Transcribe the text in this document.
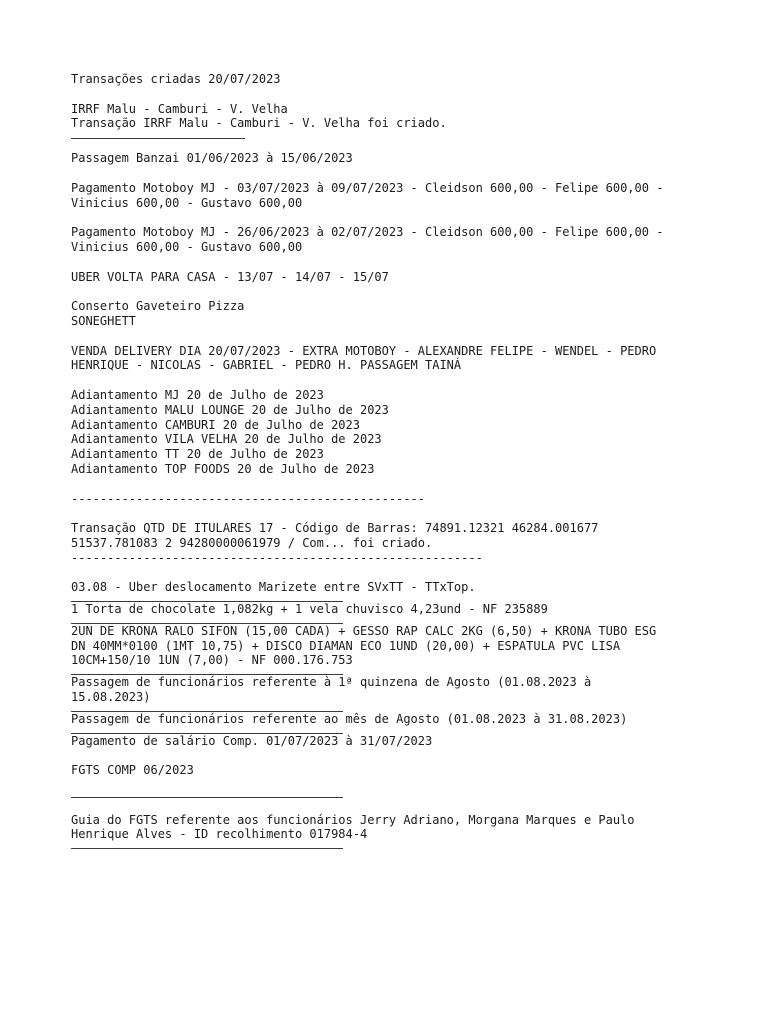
Transações criadas 20/07/2023
IRRF Malu - Camburi - V. Velha
Transação IRRF Malu - Camburi - V. Velha foi criado.
Passagem Banzai 01/06/2023 à 15/06/2023
Pagamento Motoboy MJ - 03/07/2023 à 09/07/2023 - Cleidson 600,00 - Felipe 600,00 -
Vinicius 600,00 - Gustavo 600,00
Pagamento Motoboy MJ - 26/06/2023 à 02/07/2023 - Cleidson 600,00 - Felipe 600,00 -
Vinicius 600,00 - Gustavo 600,00
UBER VOLTA PARA CASA - 13/07 - 14/07 - 15/07
Conserto Gaveteiro Pizza
SONEGHETT
VENDA DELIVERY DIA 20/07/2023 - EXTRA MOTOBOY - ALEXANDRE FELIPE - WENDEL - PEDRO
HENRIQUE - NICOLAS - GABRIEL - PEDRO H. PASSAGEM TAINÁ
Adiantamento MJ 20 de Julho de 2023
Adiantamento MALU LOUNGE 20 de Julho de 2023
Adiantamento CAMBURI 20 de Julho de 2023
Adiantamento VILA VELHA 20 de Julho de 2023
Adiantamento TT 20 de Julho de 2023
Adiantamento TOP FOODS 20 de Julho de 2023
-------------------------------------------------
Transação QTD DE ITULARES 17 - Código de Barras: 74891.12321 46284.001677
51537.781083 2 94280000061979 / Com... foi criado.
---------------------------------------------------------
03.08 - Uber deslocamento Marizete entre SVxTT - TTxTop.
1 Torta de chocolate 1,082kg + 1 vela chuvisco 4,23und - NF 235889
2UN DE KRONA RALO SIFON (15,00 CADA) + GESSO RAP CALC 2KG (6,50) + KRONA TUBO ESG
DN 40MM*0100 (1MT 10,75) + DISCO DIAMAN ECO 1UND (20,00) + ESPATULA PVC LISA
10CM+150/10 1UN (7,00) - NF 000.176.753
Passagem de funcionários referente à 1ª quinzena de Agosto (01.08.2023 à
15.08.2023)
Passagem de funcionários referente ao mês de Agosto (01.08.2023 à 31.08.2023)
Pagamento de salário Comp. 01/07/2023 à 31/07/2023
FGTS COMP 06/2023
Guia do FGTS referente aos funcionários Jerry Adriano, Morgana Marques e Paulo
Henrique Alves - ID recolhimento 017984-4
